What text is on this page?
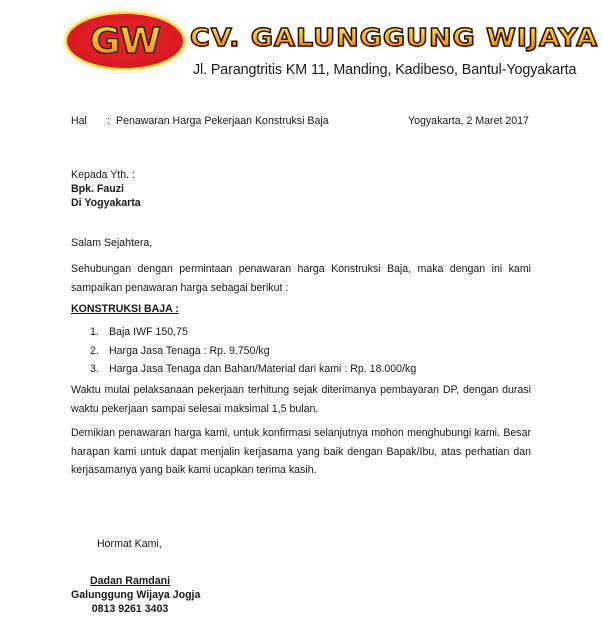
GW	CV. GALUNGGUNG WIJAYA
Jl. Parangtritis KM 11, Manding, Kadibeso, Bantul-Yogyakarta
Hal : Penawaran Harga Pekerjaan Konstruksi Baja	Yogyakarta, 2 Maret 2017
Kepada Yth. :
Bpk. Fauzi
Di Yogyakarta
Salam Sejahtera,
Sehubungan dengan permintaan penawaran harga Konstruksi Baja, maka dengan ini kami sampaikan penawaran harga sebagai berikut :
KONSTRUKSI BAJA :
1. Baja IWF 150,75
2. Harga Jasa Tenaga : Rp. 9.750/kg
3. Harga Jasa Tenaga dan Bahan/Material dari kami : Rp. 18.000/kg
Waktu mulai pelaksanaan pekerjaan terhitung sejak diterimanya pembayaran DP, dengan durasi waktu pekerjaan sampai selesai maksimal 1,5 bulan.
Demikian penawaran harga kami, untuk konfirmasi selanjutnya mohon menghubungi kami. Besar harapan kami untuk dapat menjalin kerjasama yang baik dengan Bapak/Ibu, atas perhatian dan kerjasamanya yang baik kami ucapkan terima kasih.
Hormat Kami,
Dadan Ramdani
Galunggung Wijaya Jogja
0813 9261 3403
